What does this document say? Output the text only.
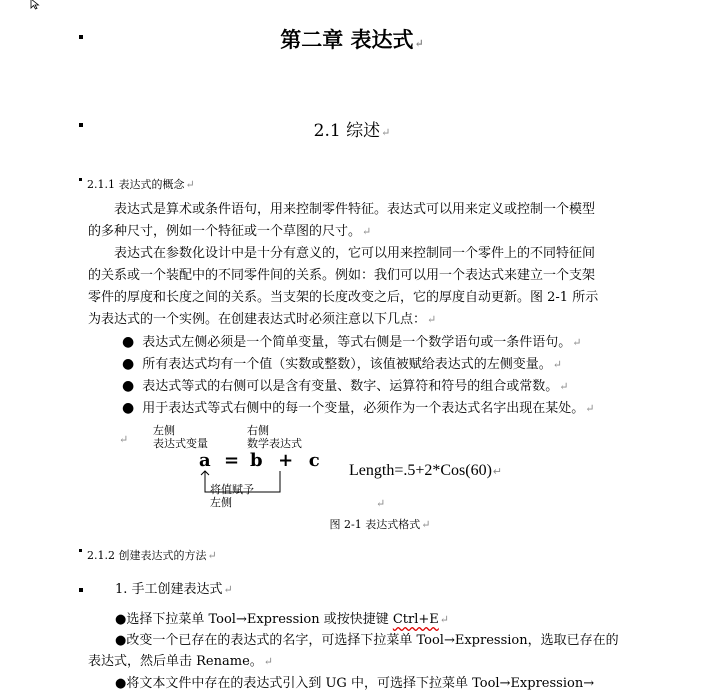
第二章 表达式↵
2.1 综述↵
2.1.1 表达式的概念↵
表达式是算术或条件语句，用来控制零件特征。表达式可以用来定义或控制一个模型
的多种尺寸，例如一个特征或一个草图的尺寸。↵
表达式在参数化设计中是十分有意义的，它可以用来控制同一个零件上的不同特征间
的关系或一个装配中的不同零件间的关系。例如：我们可以用一个表达式来建立一个支架
零件的厚度和长度之间的关系。当支架的长度改变之后，它的厚度自动更新。图 2-1 所示
为表达式的一个实例。在创建表达式时必须注意以下几点：↵
● 表达式左侧必须是一个简单变量，等式右侧是一个数学语句或一条件语句。↵
● 所有表达式均有一个值（实数或整数），该值被赋给表达式的左侧变量。↵
● 表达式等式的右侧可以是含有变量、数字、运算符和符号的组合或常数。↵
● 用于表达式等式右侧中的每一个变量，必须作为一个表达式名字出现在某处。↵
↵
左侧
表达式变量
右侧
数学表达式
a = b  +  c
将值赋予
左侧
Length=.5+2*Cos(60)↵
↵
图 2-1 表达式格式↵
2.1.2 创建表达式的方法↵
1. 手工创建表达式↵
●选择下拉菜单 Tool→Expression 或按快捷键 Ctrl+E↵
●改变一个已存在的表达式的名字，可选择下拉菜单 Tool→Expression，选取已存在的
表达式，然后单击 Rename。↵
●将文本文件中存在的表达式引入到 UG 中，可选择下拉菜单 Tool→Expression→
